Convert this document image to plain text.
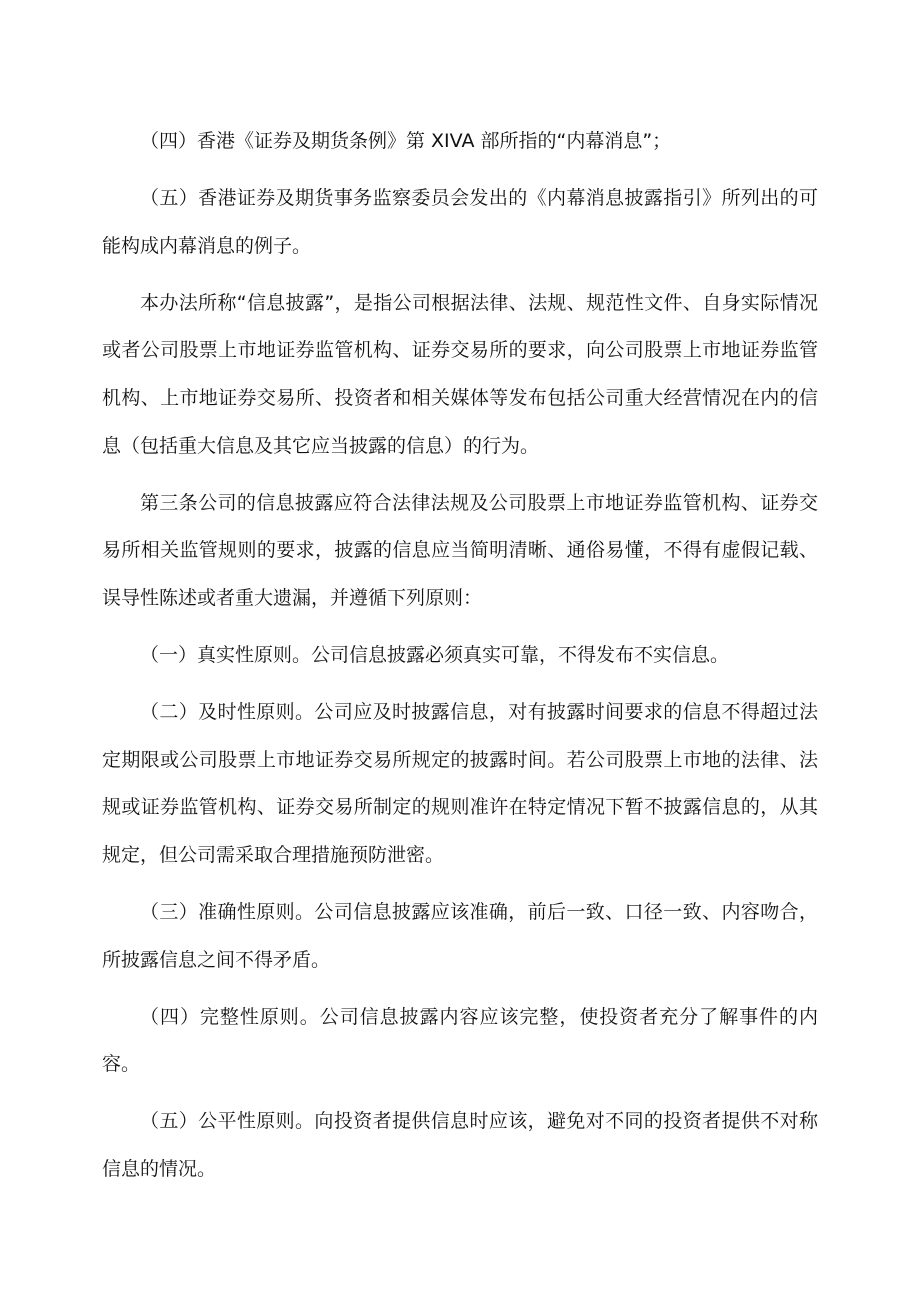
（四）香港《证券及期货条例》第 XIVA 部所指的“内幕消息”；

（五）香港证券及期货事务监察委员会发出的《内幕消息披露指引》所列出的可能构成内幕消息的例子。

本办法所称“信息披露”，是指公司根据法律、法规、规范性文件、自身实际情况或者公司股票上市地证券监管机构、证券交易所的要求，向公司股票上市地证券监管机构、上市地证券交易所、投资者和相关媒体等发布包括公司重大经营情况在内的信息（包括重大信息及其它应当披露的信息）的行为。

第三条公司的信息披露应符合法律法规及公司股票上市地证券监管机构、证券交易所相关监管规则的要求，披露的信息应当简明清晰、通俗易懂，不得有虚假记载、误导性陈述或者重大遗漏，并遵循下列原则：

（一）真实性原则。公司信息披露必须真实可靠，不得发布不实信息。

（二）及时性原则。公司应及时披露信息，对有披露时间要求的信息不得超过法定期限或公司股票上市地证券交易所规定的披露时间。若公司股票上市地的法律、法规或证券监管机构、证券交易所制定的规则准许在特定情况下暂不披露信息的，从其规定，但公司需采取合理措施预防泄密。

（三）准确性原则。公司信息披露应该准确，前后一致、口径一致、内容吻合，所披露信息之间不得矛盾。

（四）完整性原则。公司信息披露内容应该完整，使投资者充分了解事件的内容。

（五）公平性原则。向投资者提供信息时应该，避免对不同的投资者提供不对称信息的情况。
